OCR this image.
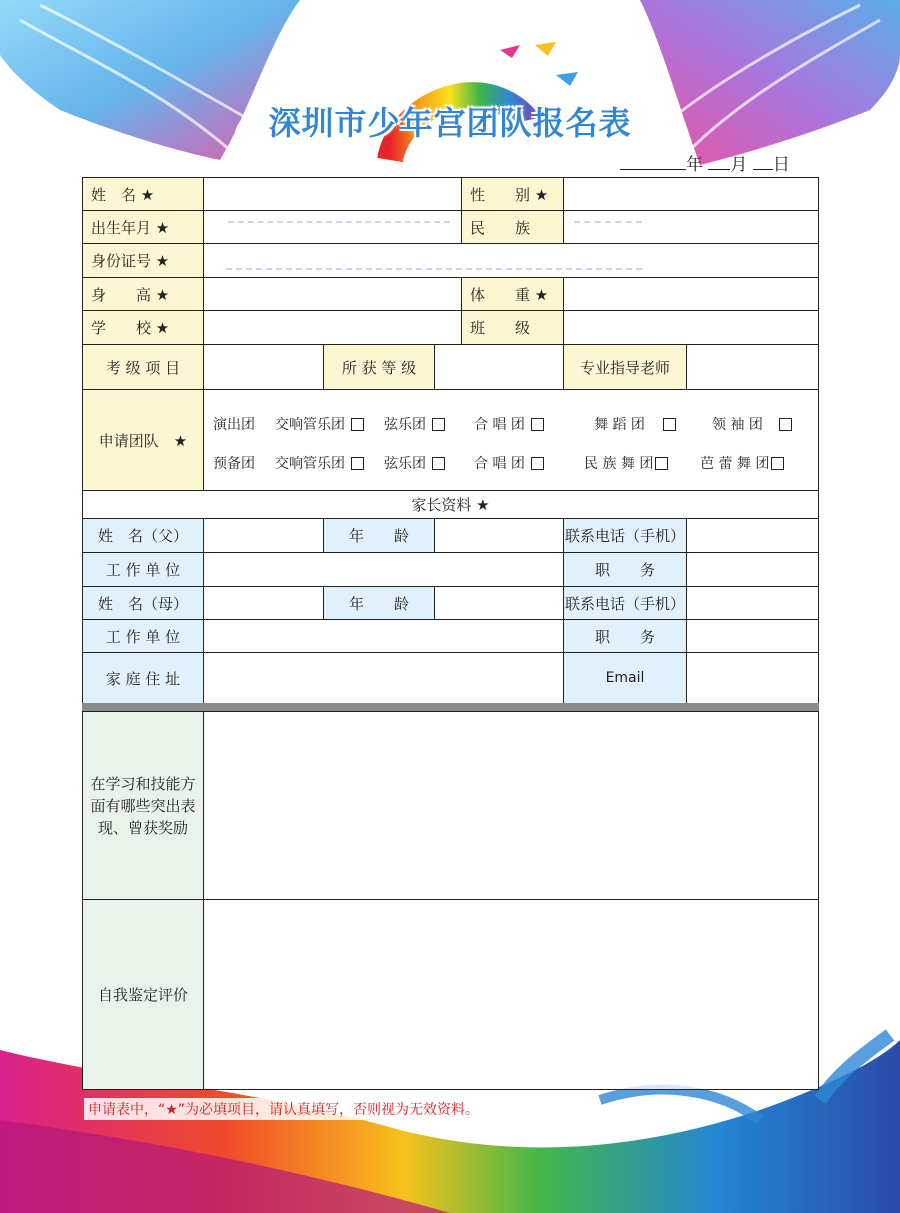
深圳市少年宫团队报名表
年 月 日
姓　名 ★	性　　别 ★
出生年月 ★	民　　族
身份证号 ★
身　　高 ★	体　　重 ★
学　　校 ★	班　　级
考 级 项 目	所 获 等 级	专业指导老师
申请团队　★
演出团 交响管乐团	弦乐团	合 唱 团	舞 蹈 团	领 袖 团
预备团 交响管乐团	弦乐团	合 唱 团	民 族 舞 团	芭 蕾 舞 团
家长资料 ★
姓　名（父）	年　　龄	联系电话（手机）
工 作 单 位	职　　务
姓　名（母）	年　　龄	联系电话（手机）
工 作 单 位	职　　务
家 庭 住 址	Email
在学习和技能方面有哪些突出表现、曾获奖励
自我鉴定评价
申请表中，“★”为必填项目，请认真填写，否则视为无效资料。
